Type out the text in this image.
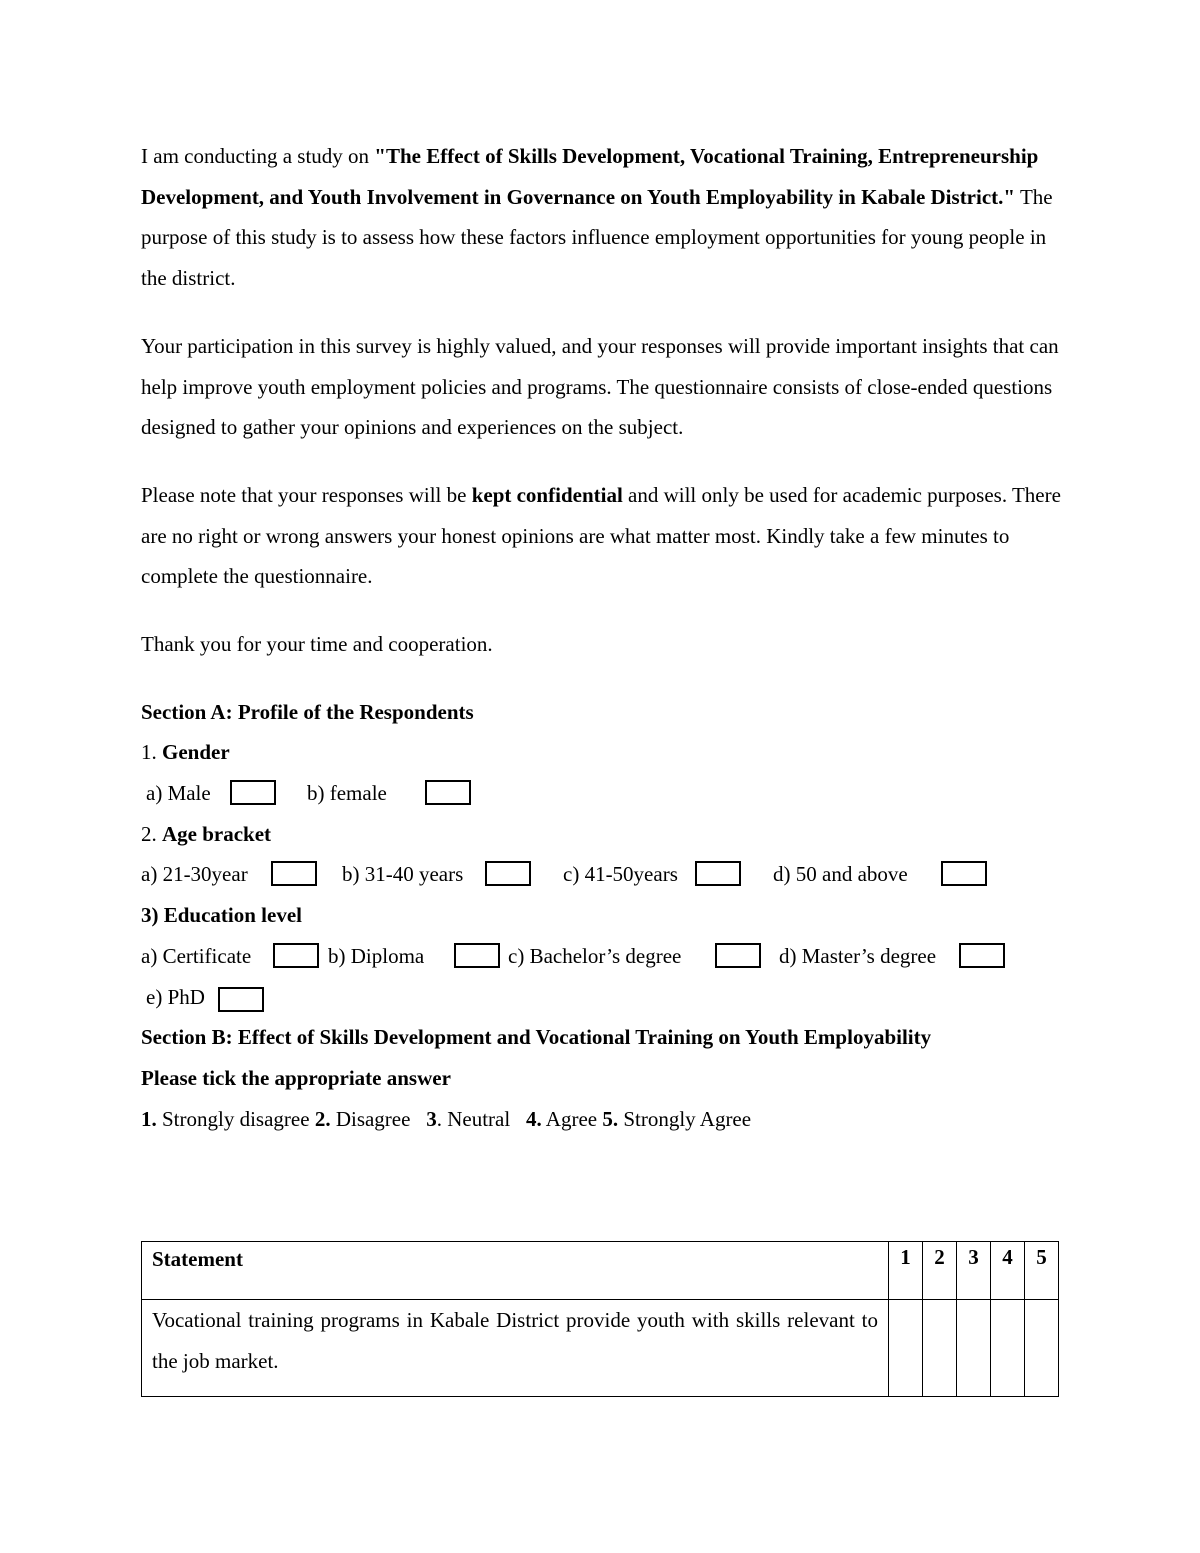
I am conducting a study on "The Effect of Skills Development, Vocational Training, Entrepreneurship Development, and Youth Involvement in Governance on Youth Employability in Kabale District." The purpose of this study is to assess how these factors influence employment opportunities for young people in the district.

Your participation in this survey is highly valued, and your responses will provide important insights that can help improve youth employment policies and programs. The questionnaire consists of close-ended questions designed to gather your opinions and experiences on the subject.

Please note that your responses will be kept confidential and will only be used for academic purposes. There are no right or wrong answers your honest opinions are what matter most. Kindly take a few minutes to complete the questionnaire.

Thank you for your time and cooperation.

Section A: Profile of the Respondents
1. Gender
a) Male	b) female
2. Age bracket
a) 21-30year	b) 31-40 years	c) 41-50years	d) 50 and above
3) Education level
a) Certificate	b) Diploma	c) Bachelor’s degree	d) Master’s degree
e) PhD
Section B: Effect of Skills Development and Vocational Training on Youth Employability
Please tick the appropriate answer
1. Strongly disagree 2. Disagree   3. Neutral   4. Agree 5. Strongly Agree
Statement	1	2	3	4	5
Vocational training programs in Kabale District provide youth with skills relevant to the job market.					
